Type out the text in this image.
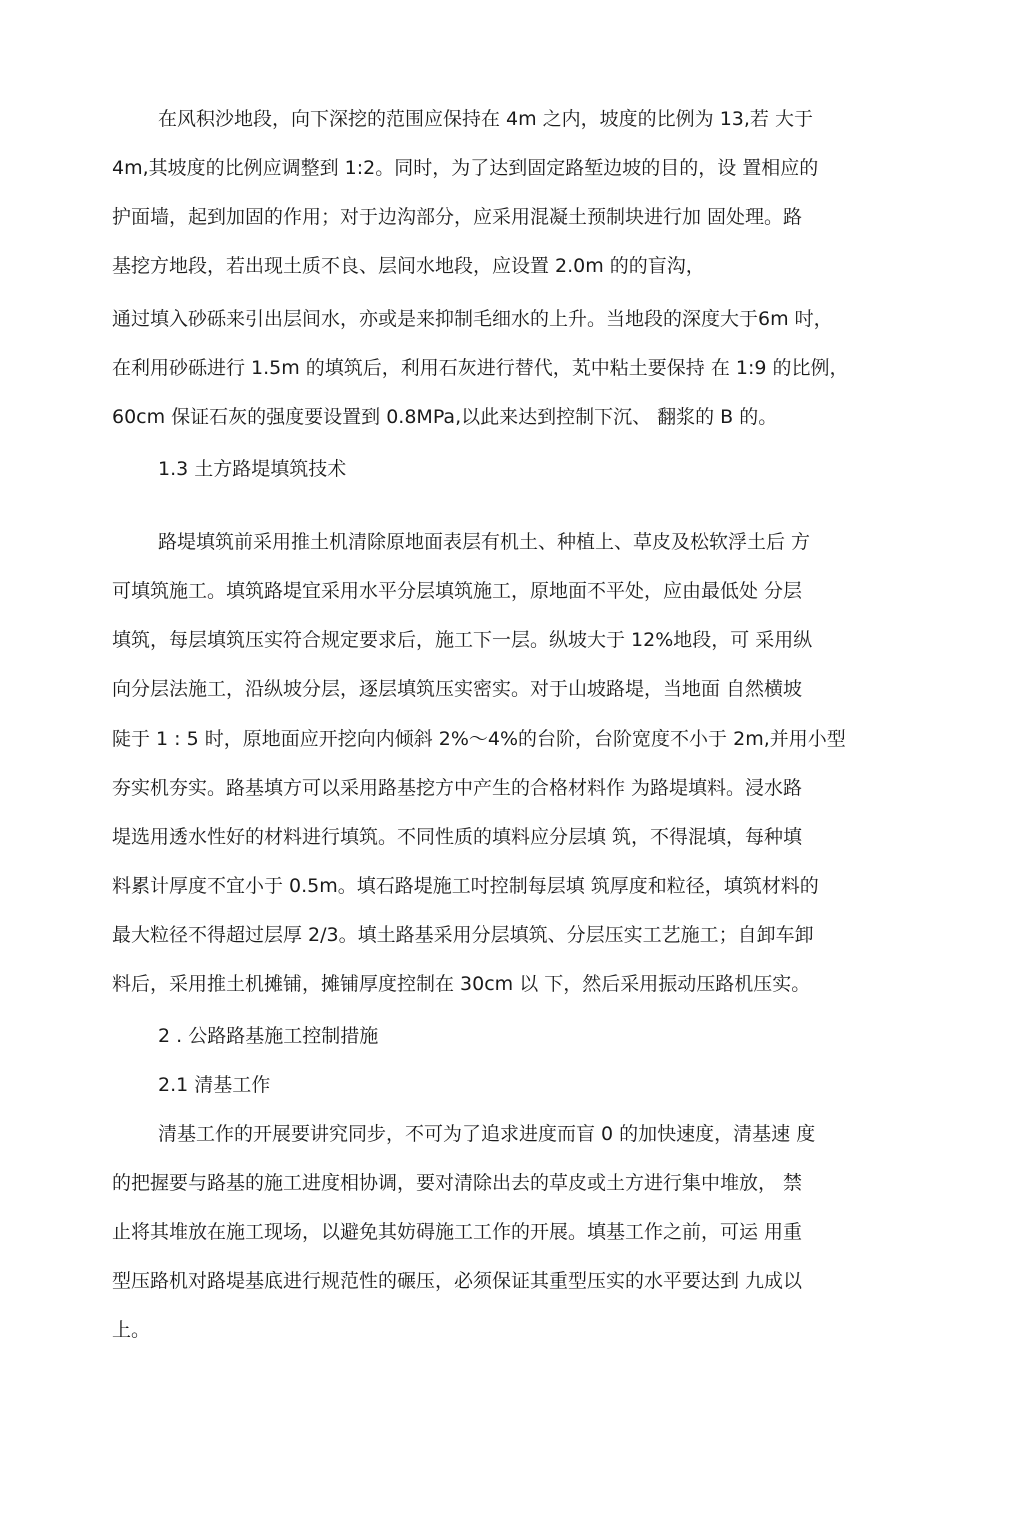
在风积沙地段，向下深挖的范围应保持在 4m 之内，坡度的比例为 13,若 大于
4m,其坡度的比例应调整到 1:2。同时，为了达到固定路堑边坡的目的，设 置相应的
护面墙，起到加固的作用；对于边沟部分，应采用混凝土预制块进行加 固处理。路
基挖方地段，若出现土质不良、层间水地段，应设置 2.0m 的的盲沟，
通过填入砂砾来引出层间水，亦或是来抑制毛细水的上升。当地段的深度大于6m 吋，
在利用砂砾进行 1.5m 的填筑后，利用石灰进行替代，芄中粘土要保持 在 1:9 的比例，
60cm 保证石灰的强度要设置到 0.8MPa,以此来达到控制下沉、 翻浆的 B 的。
1.3 土方路堤填筑技术
路堤填筑前采用推土机清除原地面表层有机土、种植上、草皮及松软浮土后 方
可填筑施工。填筑路堤宜采用水平分层填筑施工，原地面不平处，应由最低处 分层
填筑，每层填筑压实符合规定要求后，施工下一层。纵坡大于 12%地段，可 采用纵
向分层法施工，沿纵坡分层，逐层填筑压实密实。对于山坡路堤，当地面 自然横坡
陡于 1 : 5 时，原地面应开挖向内倾斜 2%～4%的台阶，台阶宽度不小于 2m,并用小型
夯实机夯实。路基填方可以采用路基挖方中产生的合格材料作 为路堤填料。浸水路
堤选用透水性好的材料进行填筑。不同性质的填料应分层填 筑，不得混填，每种填
料累计厚度不宜小于 0.5m。填石路堤施工吋控制每层填 筑厚度和粒径，填筑材料的
最大粒径不得超过层厚 2/3。填土路基采用分层填筑、分层压实工艺施工；自卸车卸
料后，采用推土机摊铺，摊铺厚度控制在 30cm 以 下，然后采用振动压路机压实。
2 . 公路路基施工控制措施
2.1 清基工作
清基工作的开展要讲究同步，不可为了追求进度而盲 0 的加快速度，清基速 度
的把握要与路基的施工进度相协调，要对清除出去的草皮或土方进行集中堆放， 禁
止将其堆放在施工现场，以避免其妨碍施工工作的开展。填基工作之前，可运 用重
型压路机对路堤基底进行规范性的碾压，必须保证其重型压实的水平要达到 九成以
上。
